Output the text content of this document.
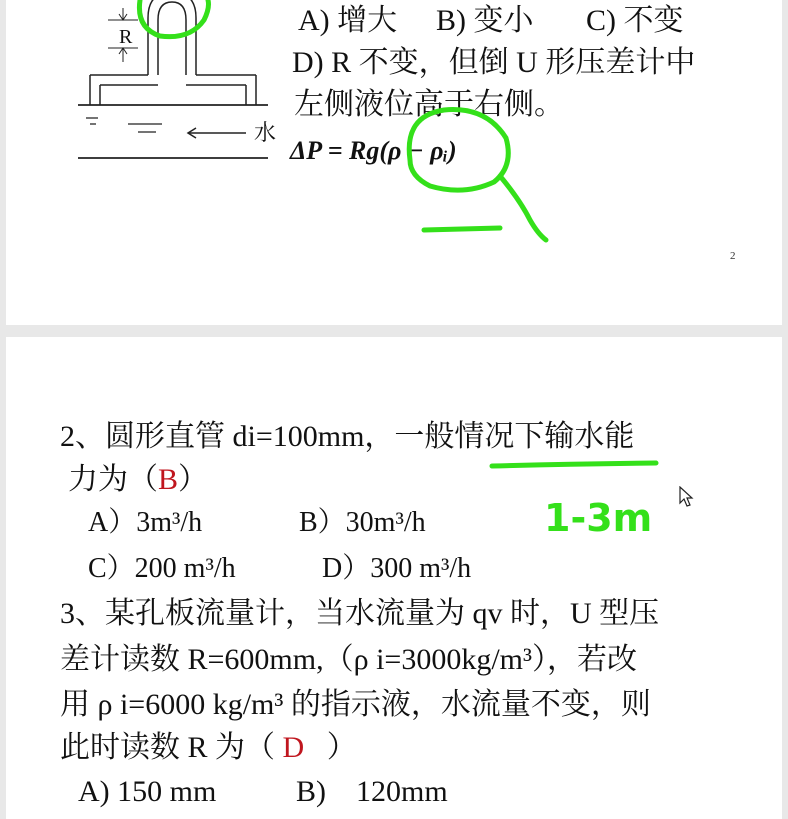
R
水
A) 增大 B) 变小 C) 不变
D) R 不变，但倒 U 形压差计中
左侧液位高于右侧。
ΔP = Rg(ρ − ρᵢ)
2
2、圆形直管 di=100mm，一般情况下输水能
力为（B）
A）3m³/h	B）30m³/h
C）200 m³/h	D）300 m³/h
3、某孔板流量计，当水流量为 qv 时，U 型压
差计读数 R=600mm,（ρ i=3000kg/m³），若改
用 ρ i=6000 kg/m³ 的指示液，水流量不变，则
此时读数 R 为（ D ）
A) 150 mm	B)　120mm
1-3m
